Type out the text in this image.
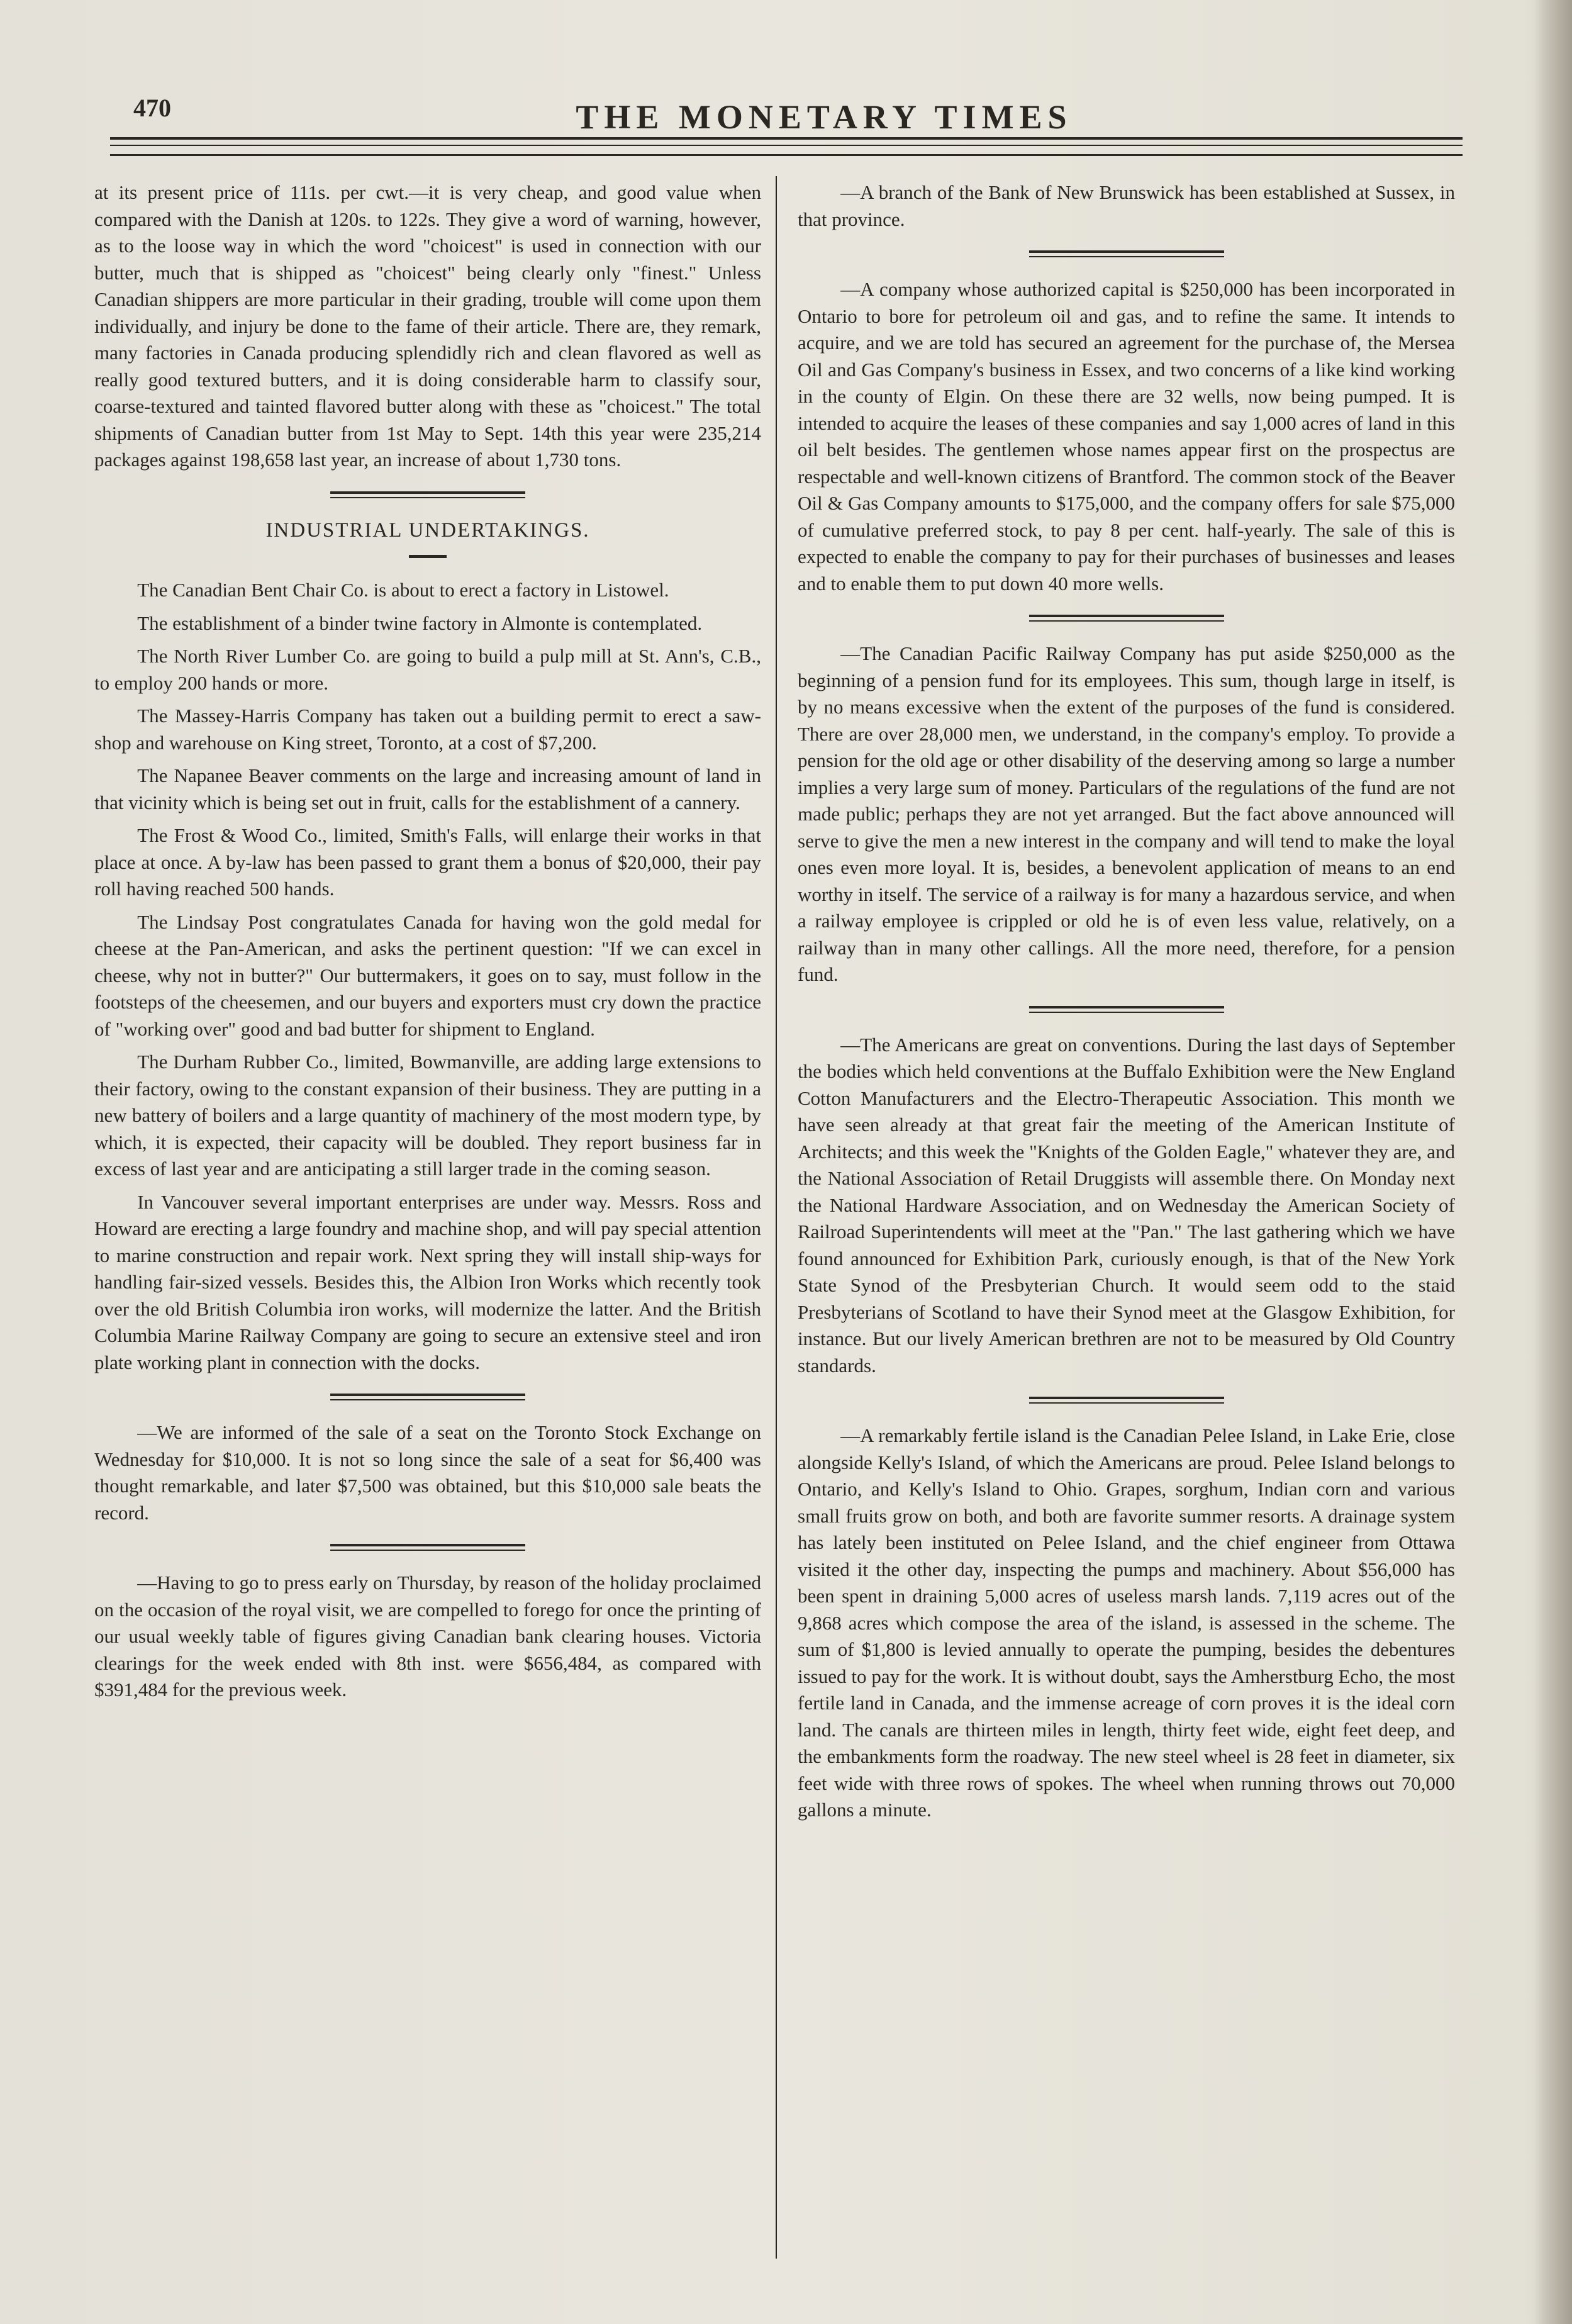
470	THE MONETARY TIMES

at its present price of 111s. per cwt.—it is very cheap, and good value when compared with the Danish at 120s. to 122s. They give a word of warning, however, as to the loose way in which the word "choicest" is used in connection with our butter, much that is shipped as "choicest" being clearly only "finest." Unless Canadian shippers are more particular in their grading, trouble will come upon them individually, and injury be done to the fame of their article. There are, they remark, many factories in Canada producing splendidly rich and clean flavored as well as really good textured butters, and it is doing considerable harm to classify sour, coarse-textured and tainted flavored butter along with these as "choicest." The total shipments of Canadian butter from 1st May to Sept. 14th this year were 235,214 packages against 198,658 last year, an increase of about 1,730 tons.

INDUSTRIAL UNDERTAKINGS.

The Canadian Bent Chair Co. is about to erect a factory in Listowel.

The establishment of a binder twine factory in Almonte is contemplated.

The North River Lumber Co. are going to build a pulp mill at St. Ann's, C.B., to employ 200 hands or more.

The Massey-Harris Company has taken out a building permit to erect a saw-shop and warehouse on King street, Toronto, at a cost of $7,200.

The Napanee Beaver comments on the large and increasing amount of land in that vicinity which is being set out in fruit, calls for the establishment of a cannery.

The Frost & Wood Co., limited, Smith's Falls, will enlarge their works in that place at once. A by-law has been passed to grant them a bonus of $20,000, their pay roll having reached 500 hands.

The Lindsay Post congratulates Canada for having won the gold medal for cheese at the Pan-American, and asks the pertinent question: "If we can excel in cheese, why not in butter?" Our buttermakers, it goes on to say, must follow in the footsteps of the cheesemen, and our buyers and exporters must cry down the practice of "working over" good and bad butter for shipment to England.

The Durham Rubber Co., limited, Bowmanville, are adding large extensions to their factory, owing to the constant expansion of their business. They are putting in a new battery of boilers and a large quantity of machinery of the most modern type, by which, it is expected, their capacity will be doubled. They report business far in excess of last year and are anticipating a still larger trade in the coming season.

In Vancouver several important enterprises are under way. Messrs. Ross and Howard are erecting a large foundry and machine shop, and will pay special attention to marine construction and repair work. Next spring they will install ship-ways for handling fair-sized vessels. Besides this, the Albion Iron Works which recently took over the old British Columbia iron works, will modernize the latter. And the British Columbia Marine Railway Company are going to secure an extensive steel and iron plate working plant in connection with the docks.

—We are informed of the sale of a seat on the Toronto Stock Exchange on Wednesday for $10,000. It is not so long since the sale of a seat for $6,400 was thought remarkable, and later $7,500 was obtained, but this $10,000 sale beats the record.

—Having to go to press early on Thursday, by reason of the holiday proclaimed on the occasion of the royal visit, we are compelled to forego for once the printing of our usual weekly table of figures giving Canadian bank clearing houses. Victoria clearings for the week ended with 8th inst. were $656,484, as compared with $391,484 for the previous week.

—A branch of the Bank of New Brunswick has been established at Sussex, in that province.

—A company whose authorized capital is $250,000 has been incorporated in Ontario to bore for petroleum oil and gas, and to refine the same. It intends to acquire, and we are told has secured an agreement for the purchase of, the Mersea Oil and Gas Company's business in Essex, and two concerns of a like kind working in the county of Elgin. On these there are 32 wells, now being pumped. It is intended to acquire the leases of these companies and say 1,000 acres of land in this oil belt besides. The gentlemen whose names appear first on the prospectus are respectable and well-known citizens of Brantford. The common stock of the Beaver Oil & Gas Company amounts to $175,000, and the company offers for sale $75,000 of cumulative preferred stock, to pay 8 per cent. half-yearly. The sale of this is expected to enable the company to pay for their purchases of businesses and leases and to enable them to put down 40 more wells.

—The Canadian Pacific Railway Company has put aside $250,000 as the beginning of a pension fund for its employees. This sum, though large in itself, is by no means excessive when the extent of the purposes of the fund is considered. There are over 28,000 men, we understand, in the company's employ. To provide a pension for the old age or other disability of the deserving among so large a number implies a very large sum of money. Particulars of the regulations of the fund are not made public; perhaps they are not yet arranged. But the fact above announced will serve to give the men a new interest in the company and will tend to make the loyal ones even more loyal. It is, besides, a benevolent application of means to an end worthy in itself. The service of a railway is for many a hazardous service, and when a railway employee is crippled or old he is of even less value, relatively, on a railway than in many other callings. All the more need, therefore, for a pension fund.

—The Americans are great on conventions. During the last days of September the bodies which held conventions at the Buffalo Exhibition were the New England Cotton Manufacturers and the Electro-Therapeutic Association. This month we have seen already at that great fair the meeting of the American Institute of Architects; and this week the "Knights of the Golden Eagle," whatever they are, and the National Association of Retail Druggists will assemble there. On Monday next the National Hardware Association, and on Wednesday the American Society of Railroad Superintendents will meet at the "Pan." The last gathering which we have found announced for Exhibition Park, curiously enough, is that of the New York State Synod of the Presbyterian Church. It would seem odd to the staid Presbyterians of Scotland to have their Synod meet at the Glasgow Exhibition, for instance. But our lively American brethren are not to be measured by Old Country standards.

—A remarkably fertile island is the Canadian Pelee Island, in Lake Erie, close alongside Kelly's Island, of which the Americans are proud. Pelee Island belongs to Ontario, and Kelly's Island to Ohio. Grapes, sorghum, Indian corn and various small fruits grow on both, and both are favorite summer resorts. A drainage system has lately been instituted on Pelee Island, and the chief engineer from Ottawa visited it the other day, inspecting the pumps and machinery. About $56,000 has been spent in draining 5,000 acres of useless marsh lands. 7,119 acres out of the 9,868 acres which compose the area of the island, is assessed in the scheme. The sum of $1,800 is levied annually to operate the pumping, besides the debentures issued to pay for the work. It is without doubt, says the Amherstburg Echo, the most fertile land in Canada, and the immense acreage of corn proves it is the ideal corn land. The canals are thirteen miles in length, thirty feet wide, eight feet deep, and the embankments form the roadway. The new steel wheel is 28 feet in diameter, six feet wide with three rows of spokes. The wheel when running throws out 70,000 gallons a minute.
